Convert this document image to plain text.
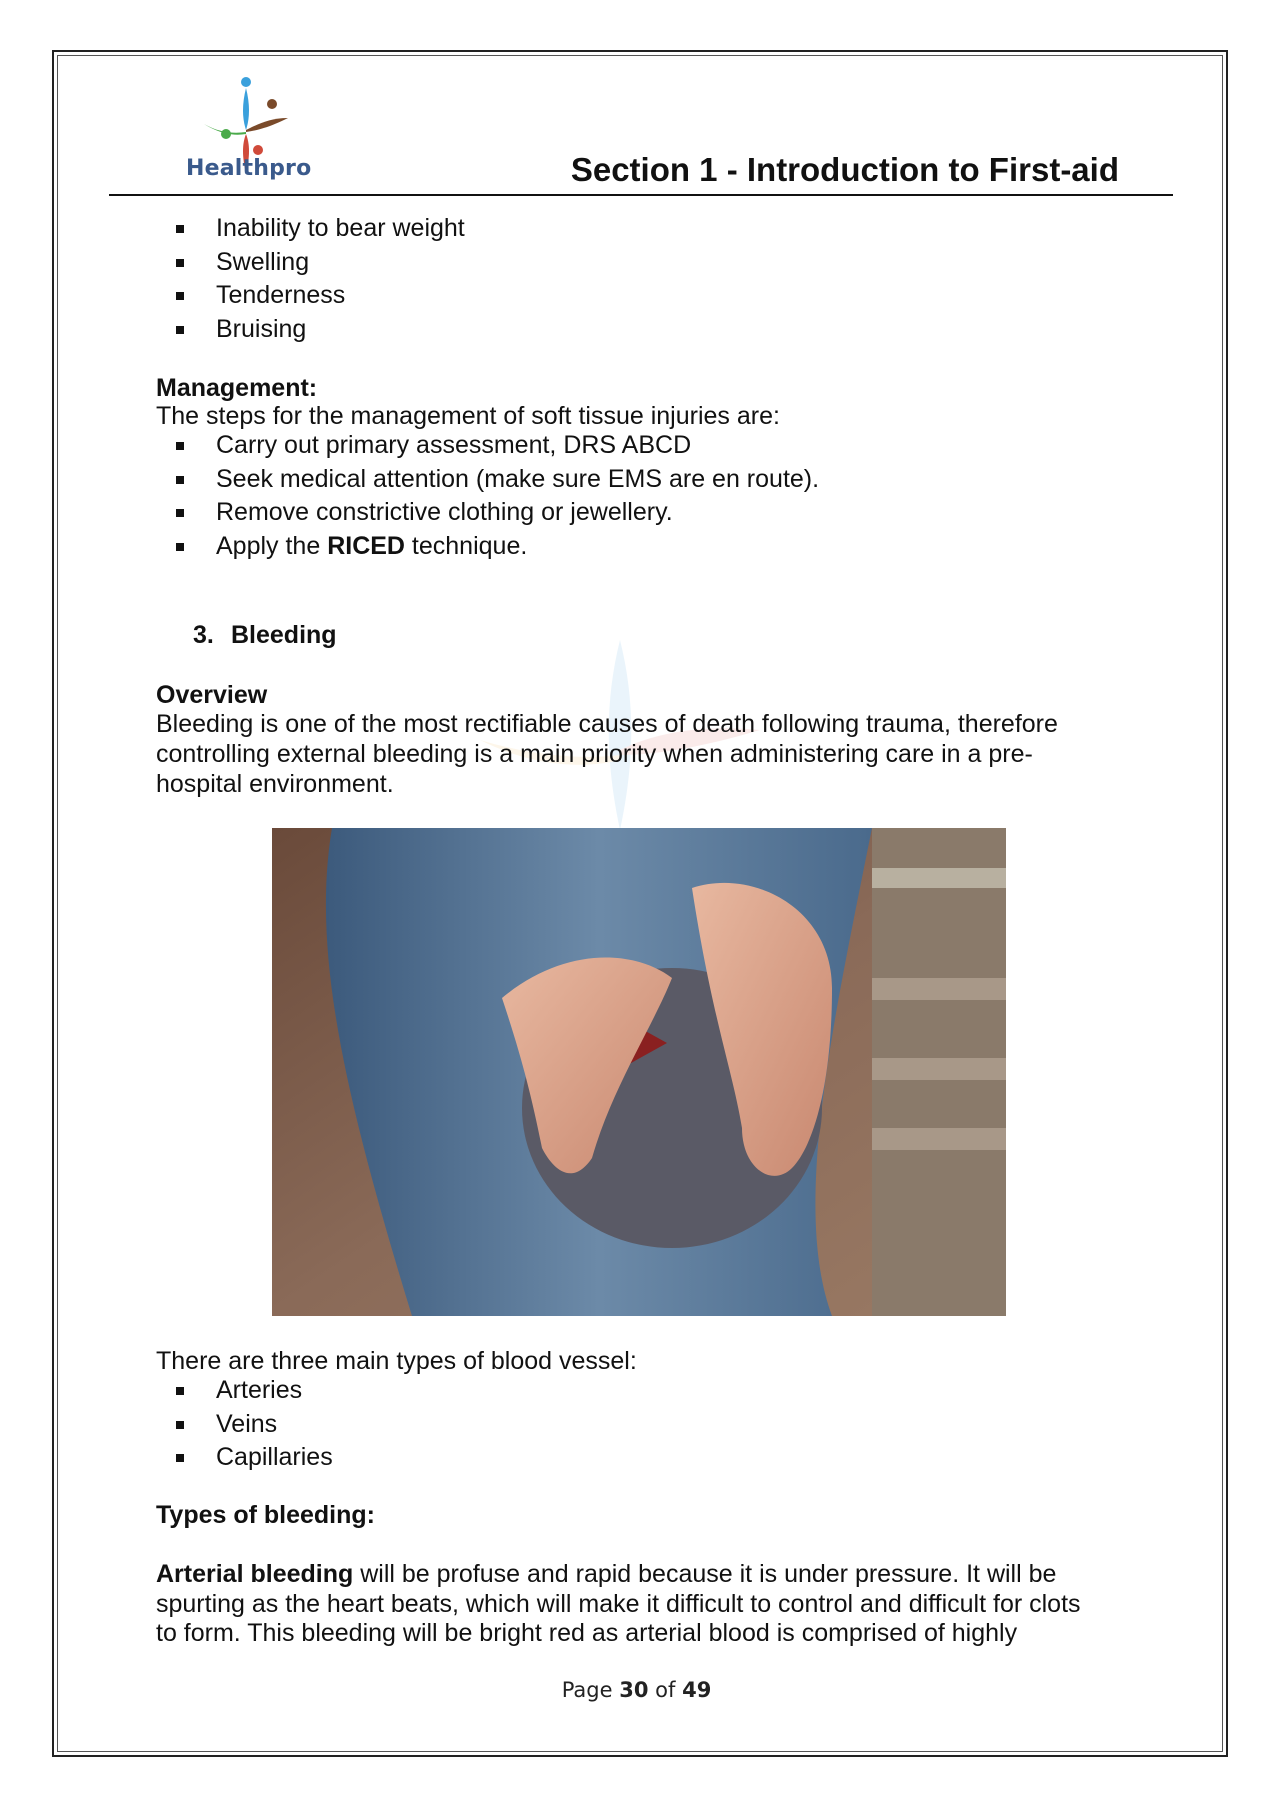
Healthpro	Section 1 - Introduction to First-aid
Inability to bear weight
Swelling
Tenderness
Bruising
Management:
The steps for the management of soft tissue injuries are:
Carry out primary assessment, DRS ABCD
Seek medical attention (make sure EMS are en route).
Remove constrictive clothing or jewellery.
Apply the RICED technique.
3. Bleeding
Overview
Bleeding is one of the most rectifiable causes of death following trauma, therefore
controlling external bleeding is a main priority when administering care in a pre-
hospital environment.
There are three main types of blood vessel:
Arteries
Veins
Capillaries
Types of bleeding:
Arterial bleeding will be profuse and rapid because it is under pressure. It will be
spurting as the heart beats, which will make it difficult to control and difficult for clots
to form. This bleeding will be bright red as arterial blood is comprised of highly
Page 30 of 49
